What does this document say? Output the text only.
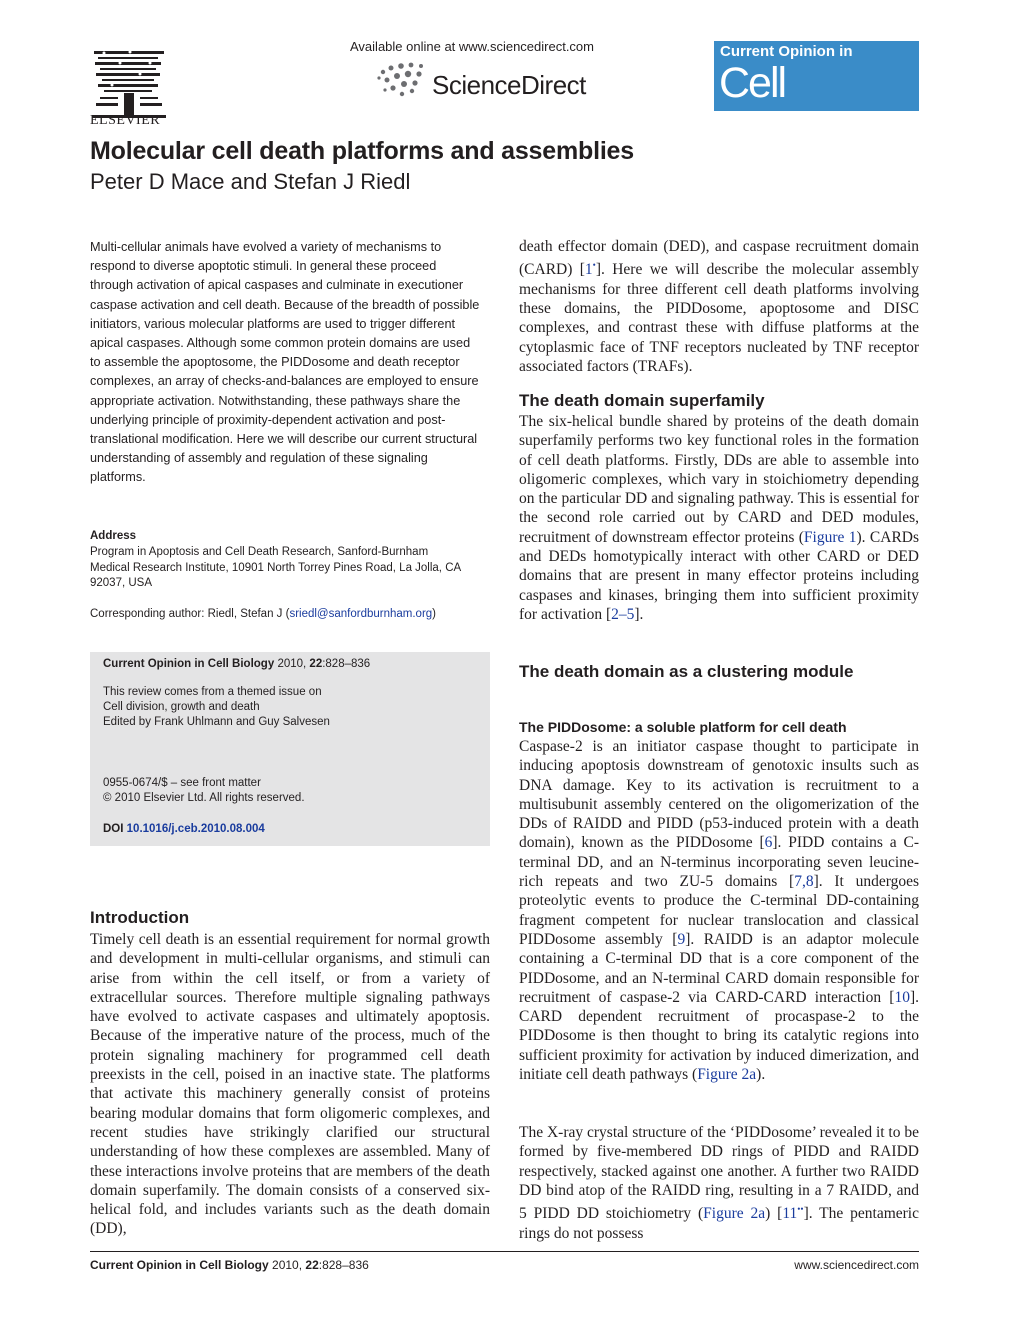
ELSEVIER
Available online at www.sciencedirect.com
ScienceDirect
Current Opinion in
Cell Biology
Molecular cell death platforms and assemblies
Peter D Mace and Stefan J Riedl

Multi-cellular animals have evolved a variety of mechanisms to respond to diverse apoptotic stimuli. In general these proceed through activation of apical caspases and culminate in executioner caspase activation and cell death. Because of the breadth of possible initiators, various molecular platforms are used to trigger different apical caspases. Although some common protein domains are used to assemble the apoptosome, the PIDDosome and death receptor complexes, an array of checks-and-balances are employed to ensure appropriate activation. Notwithstanding, these pathways share the underlying principle of proximity-dependent activation and post-translational modification. Here we will describe our current structural understanding of assembly and regulation of these signaling platforms.

Address
Program in Apoptosis and Cell Death Research, Sanford-Burnham
Medical Research Institute, 10901 North Torrey Pines Road, La Jolla, CA
92037, USA
Corresponding author: Riedl, Stefan J (sriedl@sanfordburnham.org)
Current Opinion in Cell Biology 2010, 22:828–836
This review comes from a themed issue on
Cell division, growth and death
Edited by Frank Uhlmann and Guy Salvesen
0955-0674/$ – see front matter
© 2010 Elsevier Ltd. All rights reserved.
DOI 10.1016/j.ceb.2010.08.004
Introduction

Timely cell death is an essential requirement for normal growth and development in multi-cellular organisms, and stimuli can arise from within the cell itself, or from a variety of extracellular sources. Therefore multiple signaling pathways have evolved to activate caspases and ultimately apoptosis. Because of the imperative nature of the process, much of the protein signaling machinery for programmed cell death preexists in the cell, poised in an inactive state. The platforms that activate this machinery generally consist of proteins bearing modular domains that form oligomeric complexes, and recent studies have strikingly clarified our structural understanding of how these complexes are assembled. Many of these interactions involve proteins that are members of the death domain superfamily. The domain consists of a conserved six-helical fold, and includes variants such as the death domain (DD),

death effector domain (DED), and caspase recruitment domain (CARD) [1•]. Here we will describe the molecular assembly mechanisms for three different cell death platforms involving these domains, the PIDDosome, apoptosome and DISC complexes, and contrast these with diffuse platforms at the cytoplasmic face of TNF receptors nucleated by TNF receptor associated factors (TRAFs).

The death domain superfamily

The six-helical bundle shared by proteins of the death domain superfamily performs two key functional roles in the formation of cell death platforms. Firstly, DDs are able to assemble into oligomeric complexes, which vary in stoichiometry depending on the particular DD and signaling pathway. This is essential for the second role carried out by CARD and DED modules, recruitment of downstream effector proteins (Figure 1). CARDs and DEDs homotypically interact with other CARD or DED domains that are present in many effector proteins including caspases and kinases, bringing them into sufficient proximity for activation [2–5].

The death domain as a clustering module
The PIDDosome: a soluble platform for cell death

Caspase-2 is an initiator caspase thought to participate in inducing apoptosis downstream of genotoxic insults such as DNA damage. Key to its activation is recruitment to a multisubunit assembly centered on the oligomerization of the DDs of RAIDD and PIDD (p53-induced protein with a death domain), known as the PIDDosome [6]. PIDD contains a C-terminal DD, and an N-terminus incorporating seven leucine-rich repeats and two ZU-5 domains [7,8]. It undergoes proteolytic events to produce the C-terminal DD-containing fragment competent for nuclear translocation and classical PIDDosome assembly [9]. RAIDD is an adaptor molecule containing a C-terminal DD that is a core component of the PIDDosome, and an N-terminal CARD domain responsible for recruitment of caspase-2 via CARD-CARD interaction [10]. CARD dependent recruitment of procaspase-2 to the PIDDosome is then thought to bring its catalytic regions into sufficient proximity for activation by induced dimerization, and initiate cell death pathways (Figure 2a).

The X-ray crystal structure of the ‘PIDDosome’ revealed it to be formed by five-membered DD rings of PIDD and RAIDD respectively, stacked against one another. A further two RAIDD DD bind atop of the RAIDD ring, resulting in a 7 RAIDD, and 5 PIDD DD stoichiometry (Figure 2a) [11••]. The pentameric rings do not possess

Current Opinion in Cell Biology 2010, 22:828–836	www.sciencedirect.com
